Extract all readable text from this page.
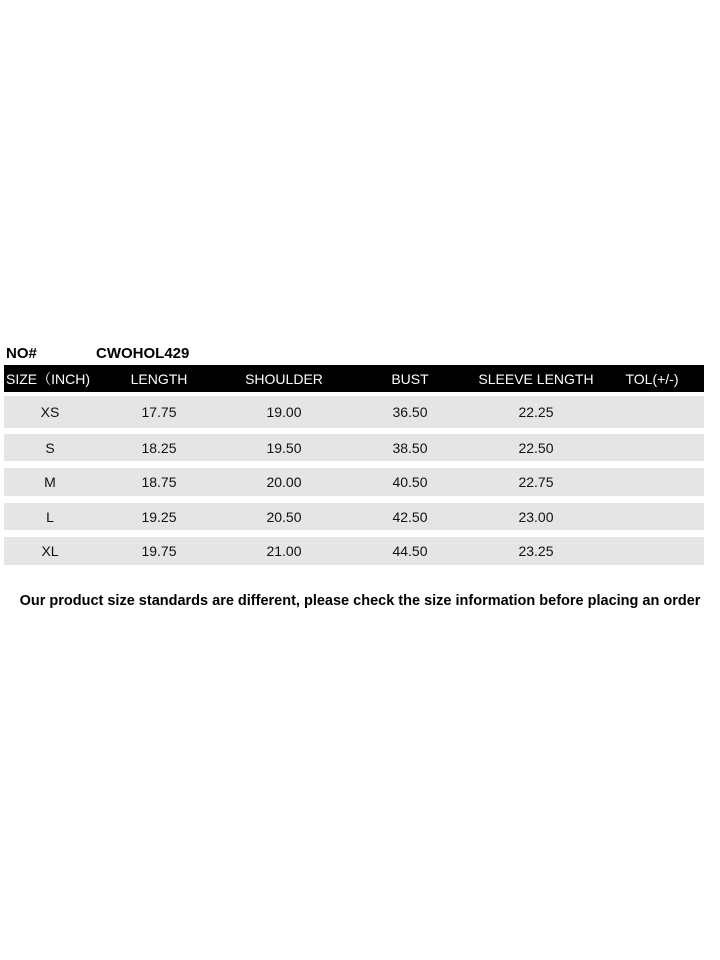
NO#	CWOHOL429
SIZE（INCH)	LENGTH	SHOULDER	BUST	SLEEVE LENGTH	TOL(+/-)
XS	17.75	19.00	36.50	22.25
S	18.25	19.50	38.50	22.50
M	18.75	20.00	40.50	22.75
L	19.25	20.50	42.50	23.00
XL	19.75	21.00	44.50	23.25
Our product size standards are different, please check the size information before placing an order
